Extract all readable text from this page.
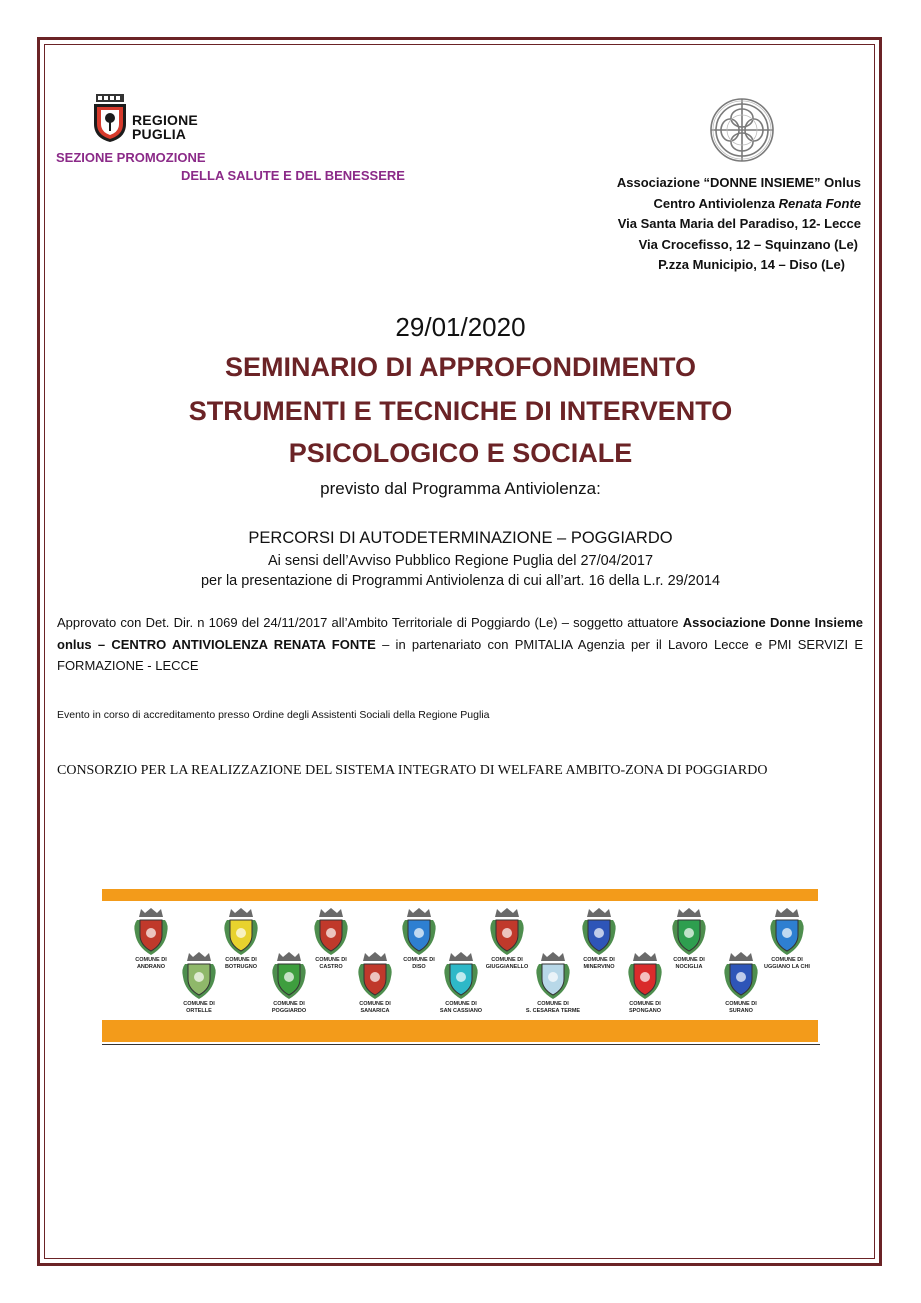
REGIONE
PUGLIA
SEZIONE PROMOZIONE
DELLA SALUTE E DEL BENESSERE	Associazione “DONNE INSIEME” Onlus
Centro Antiviolenza Renata Fonte
Via Santa Maria del Paradiso, 12- Lecce
Via Crocefisso, 12 – Squinzano (Le)
P.zza Municipio, 14 – Diso (Le)
29/01/2020
SEMINARIO DI APPROFONDIMENTO
STRUMENTI E TECNICHE DI INTERVENTO
PSICOLOGICO E SOCIALE
previsto dal Programma Antiviolenza:
PERCORSI DI AUTODETERMINAZIONE – POGGIARDO
Ai sensi dell’Avviso Pubblico Regione Puglia del 27/04/2017
per la presentazione di Programmi Antiviolenza di cui all’art. 16 della L.r. 29/2014
Approvato con Det. Dir. n 1069 del 24/11/2017 all’Ambito Territoriale di Poggiardo (Le) – soggetto attuatore Associazione Donne Insieme onlus – CENTRO ANTIVIOLENZA RENATA FONTE – in partenariato con PMITALIA Agenzia per il Lavoro Lecce e PMI SERVIZI E FORMAZIONE - LECCE
Evento in corso di accreditamento presso Ordine degli Assistenti Sociali della Regione Puglia
CONSORZIO PER LA REALIZZAZIONE DEL SISTEMA INTEGRATO DI WELFARE AMBITO-ZONA DI POGGIARDO
COMUNE DI
ANDRANO
COMUNE DI
BOTRUGNO
COMUNE DI
CASTRO
COMUNE DI
DISO
COMUNE DI
GIUGGIANELLO
COMUNE DI
MINERVINO
COMUNE DI
NOCIGLIA
COMUNE DI
UGGIANO LA CHI
COMUNE DI
ORTELLE
COMUNE DI
POGGIARDO
COMUNE DI
SANARICA
COMUNE DI
SAN CASSIANO
COMUNE DI
S. CESAREA TERME
COMUNE DI
SPONGANO
COMUNE DI
SURANO
